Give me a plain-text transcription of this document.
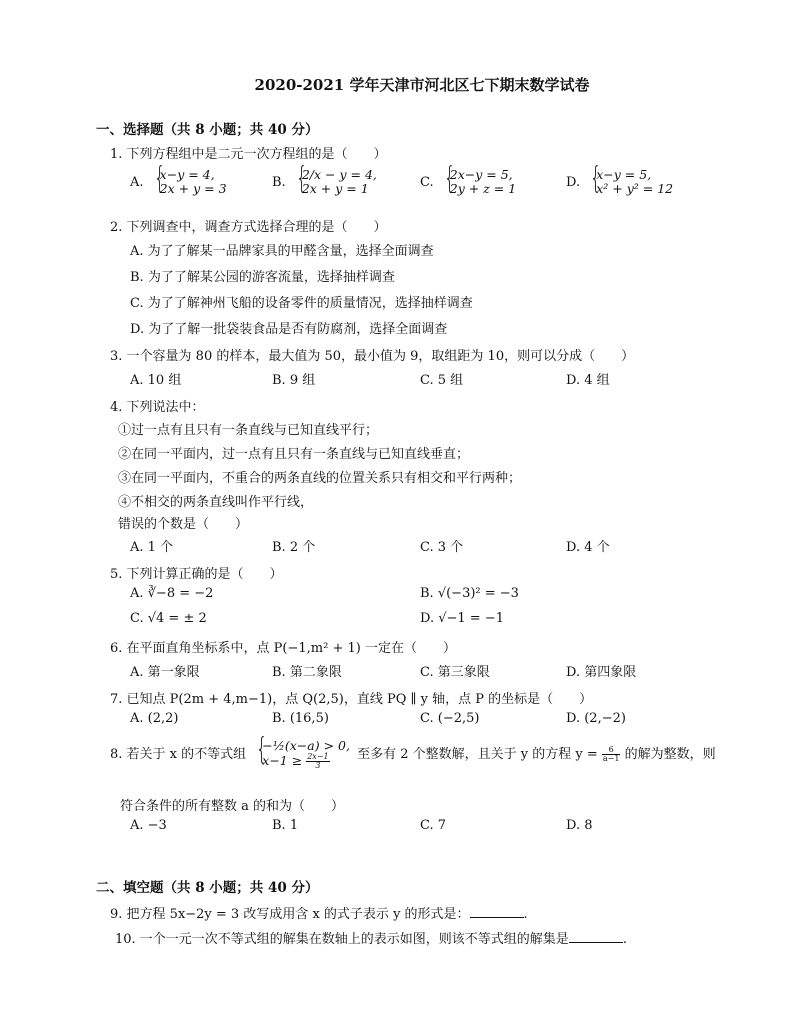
2020-2021 学年天津市河北区七下期末数学试卷
一、选择题（共 8 小题；共 40 分）
1. 下列方程组中是二元一次方程组的是（　　）
A. { x−y = 4,
2x + y = 3	B. { 2/x − y = 4,
2x + y = 1	C. { 2x−y = 5,
2y + z = 1	D. { x−y = 5,
x² + y² = 12
2. 下列调查中，调查方式选择合理的是（　　）
A. 为了了解某一品牌家具的甲醛含量，选择全面调查
B. 为了了解某公园的游客流量，选择抽样调查
C. 为了了解神州飞船的设备零件的质量情况，选择抽样调查
D. 为了了解一批袋装食品是否有防腐剂，选择全面调查
3. 一个容量为 80 的样本，最大值为 50，最小值为 9，取组距为 10，则可以分成（　　）
A. 10 组	B. 9 组	C. 5 组	D. 4 组
4. 下列说法中：
①过一点有且只有一条直线与已知直线平行；
②在同一平面内，过一点有且只有一条直线与已知直线垂直；
③在同一平面内，不重合的两条直线的位置关系只有相交和平行两种；
④不相交的两条直线叫作平行线，
错误的个数是（　　）
A. 1 个	B. 2 个	C. 3 个	D. 4 个
5. 下列计算正确的是（　　）
A. ∛−8 = −2	B. √(−3)² = −3
C. √4 = ± 2	D. √−1 = −1
6. 在平面直角坐标系中，点 P(−1,m² + 1) 一定在（　　）
A. 第一象限	B. 第二象限	C. 第三象限	D. 第四象限
7. 已知点 P(2m + 4,m−1)，点 Q(2,5)，直线 PQ ∥ y 轴，点 P 的坐标是（　　）
A. (2,2)	B. (16,5)	C. (−2,5)	D. (2,−2)
8. 若关于 x 的不等式组
{ −½(x−a) > 0,
$x-1 \ge \frac{2x-1}{3}$ 至多有 2 个整数解，且关于 y 的方程 $y = \frac{6}{a-1}$ 的解为整数，则
符合条件的所有整数 a 的和为（　　）
A. −3	B. 1	C. 7	D. 8
二、填空题（共 8 小题；共 40 分）
9. 把方程 5x−2y = 3 改写成用含 x 的式子表示 y 的形式是：	.
10. 一个一元一次不等式组的解集在数轴上的表示如图，则该不等式组的解集是	.
